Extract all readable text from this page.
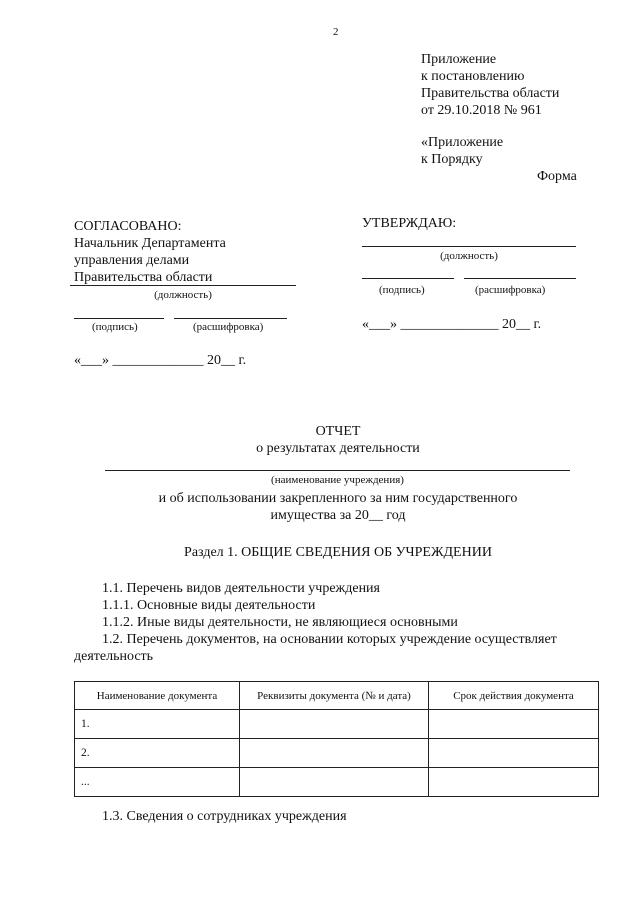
2
Приложение
к постановлению
Правительства области
от 29.10.2018 № 961
«Приложение
к Порядку
Форма
СОГЛАСОВАНО:
Начальник Департамента
управления делами
Правительства области
(должность)
(подпись)	(расшифровка)
«___» _____________ 20__ г.
УТВЕРЖДАЮ:
(должность)
(подпись)	(расшифровка)
«___» ______________ 20__ г.
ОТЧЕТ
о результатах деятельности
(наименование учреждения)
и об использовании закрепленного за ним государственного
имущества за 20__ год
Раздел 1. ОБЩИЕ СВЕДЕНИЯ ОБ УЧРЕЖДЕНИИ
1.1. Перечень видов деятельности учреждения
1.1.1. Основные виды деятельности
1.1.2. Иные виды деятельности, не являющиеся основными
1.2. Перечень документов, на основании которых учреждение осуществляет
деятельность
Наименование документа	Реквизиты документа (№ и дата)	Срок действия документа
1.		
2.		
...		
1.3. Сведения о сотрудниках учреждения
